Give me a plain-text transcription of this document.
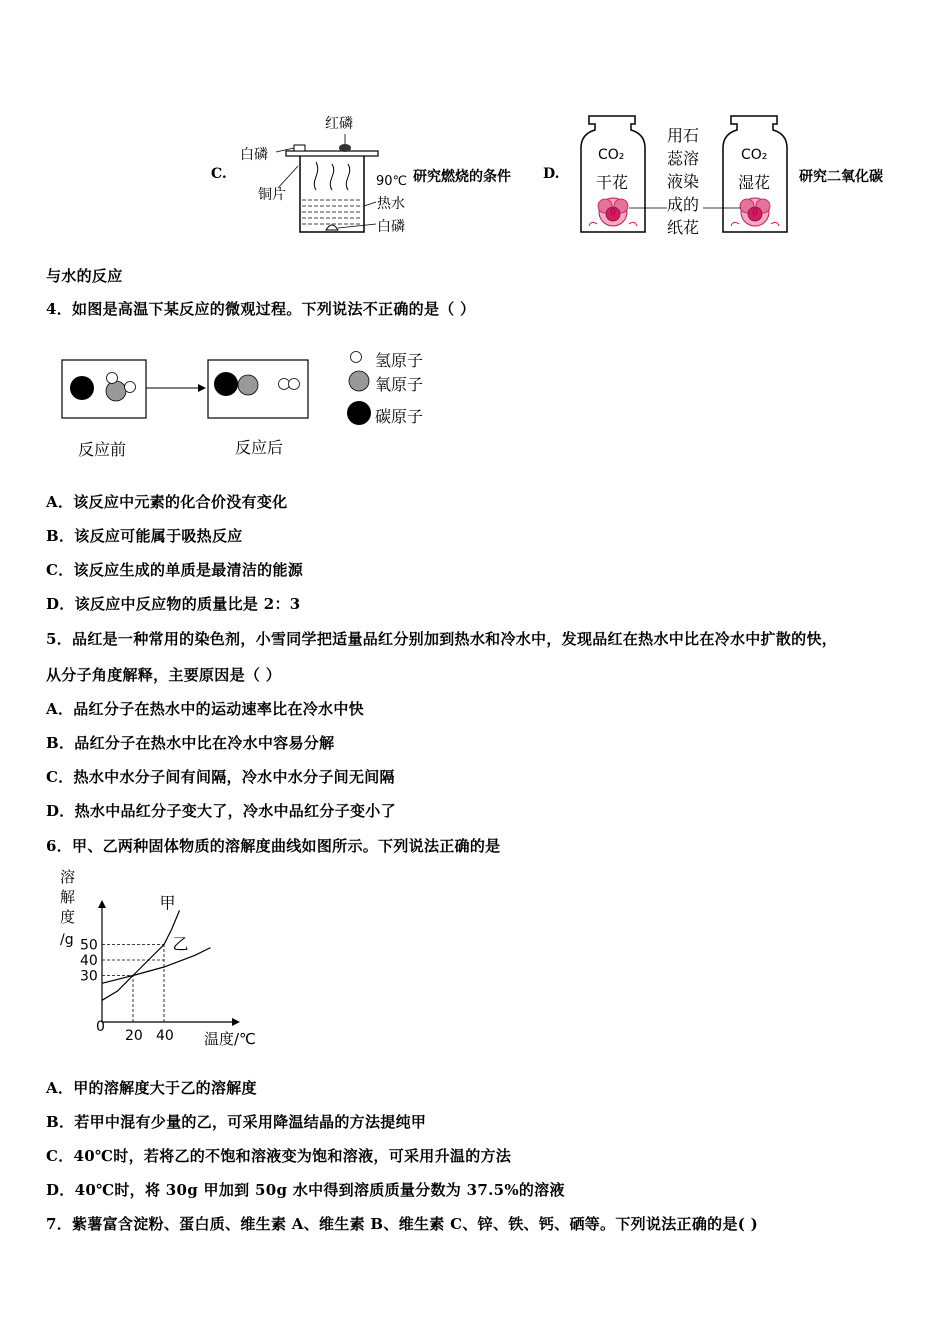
C.
红磷
白磷
铜片
90℃
热水
白磷
研究燃烧的条件 D.
CO₂
干花
CO₂
湿花
用石
蕊溶
液染
成的
纸花
研究二氧化碳
与水的反应
4．如图是高温下某反应的微观过程。下列说法不正确的是（ ）
反应前	反应后
氢原子
氧原子
碳原子
A．该反应中元素的化合价没有变化
B．该反应可能属于吸热反应
C．该反应生成的单质是最清洁的能源
D．该反应中反应物的质量比是 2：3
5．品红是一种常用的染色剂，小雪同学把适量品红分别加到热水和冷水中，发现品红在热水中比在冷水中扩散的快，
从分子角度解释，主要原因是（ ）
A．品红分子在热水中的运动速率比在冷水中快
B．品红分子在热水中比在冷水中容易分解
C．热水中水分子间有间隔，冷水中水分子间无间隔
D．热水中品红分子变大了，冷水中品红分子变小了
6．甲、乙两种固体物质的溶解度曲线如图所示。下列说法正确的是
溶
解
度
/g
0
温度/℃
30
40
50
20 40
甲
乙
A．甲的溶解度大于乙的溶解度
B．若甲中混有少量的乙，可采用降温结晶的方法提纯甲
C．40℃时，若将乙的不饱和溶液变为饱和溶液，可采用升温的方法
D．40℃时，将 30g 甲加到 50g 水中得到溶质质量分数为 37.5%的溶液
7．紫薯富含淀粉、蛋白质、维生素 A、维生素 B、维生素 C、锌、铁、钙、硒等。下列说法正确的是( )
